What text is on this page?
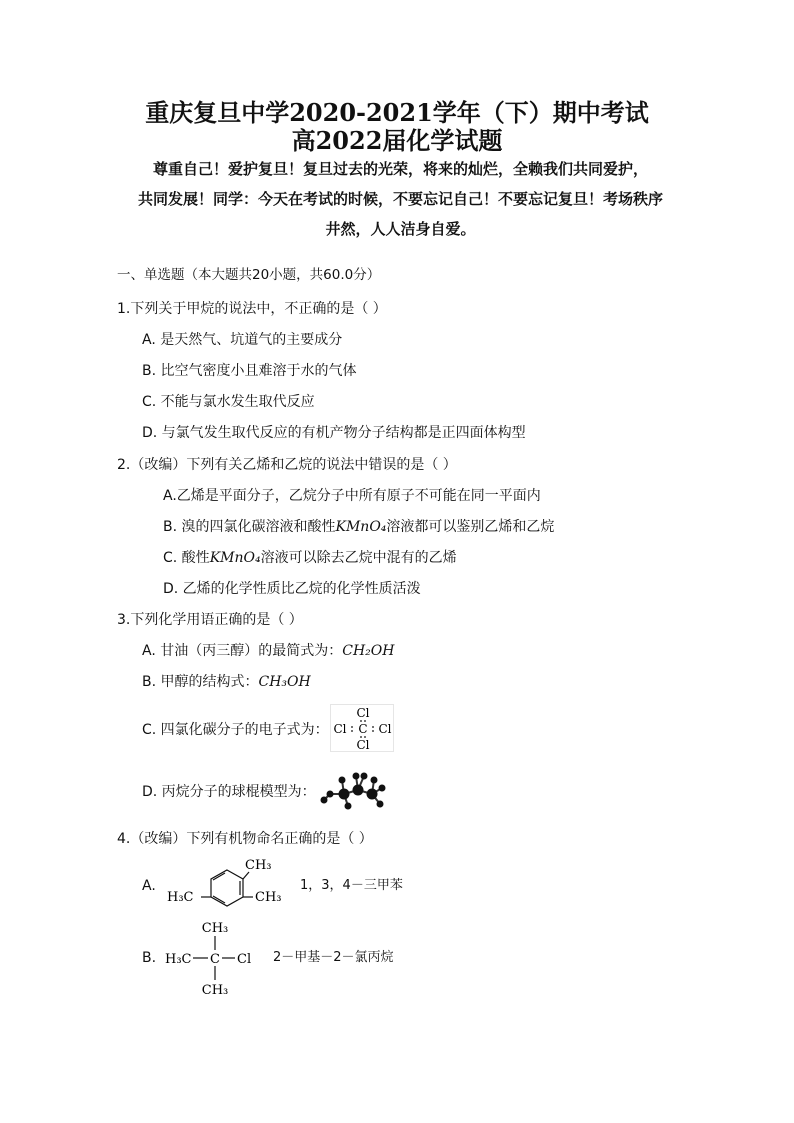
重庆复旦中学2020-2021学年（下）期中考试
高2022届化学试题
尊重自己！爱护复旦！复旦过去的光荣，将来的灿烂，全赖我们共同爱护，
共同发展！同学：今天在考试的时候，不要忘记自己！不要忘记复旦！考场秩序
井然，人人洁身自爱。
一、单选题（本大题共20小题，共60.0分）
1.下列关于甲烷的说法中，不正确的是（ ）
A. 是天然气、坑道气的主要成分
B. 比空气密度小且难溶于水的气体
C. 不能与氯水发生取代反应
D. 与氯气发生取代反应的有机产物分子结构都是正四面体构型
2.（改编）下列有关乙烯和乙烷的说法中错误的是（ ）
A.乙烯是平面分子，乙烷分子中所有原子不可能在同一平面内
B. 溴的四氯化碳溶液和酸性KMnO₄溶液都可以鉴别乙烯和乙烷
C. 酸性KMnO₄溶液可以除去乙烷中混有的乙烯
D. 乙烯的化学性质比乙烷的化学性质活泼
3.下列化学用语正确的是（ ）
A. 甘油（丙三醇）的最简式为：CH₂OH
B. 甲醇的结构式：CH₃OH
C. 四氯化碳分子的电子式为：
Cl
Cl C Cl
Cl
D. 丙烷分子的球棍模型为：
4.（改编）下列有机物命名正确的是（ ）
A.
CH₃
H₃C	CH₃
1，3，4－三甲苯
B.
CH₃
H₃C C Cl
CH₃
2－甲基－2－氯丙烷
